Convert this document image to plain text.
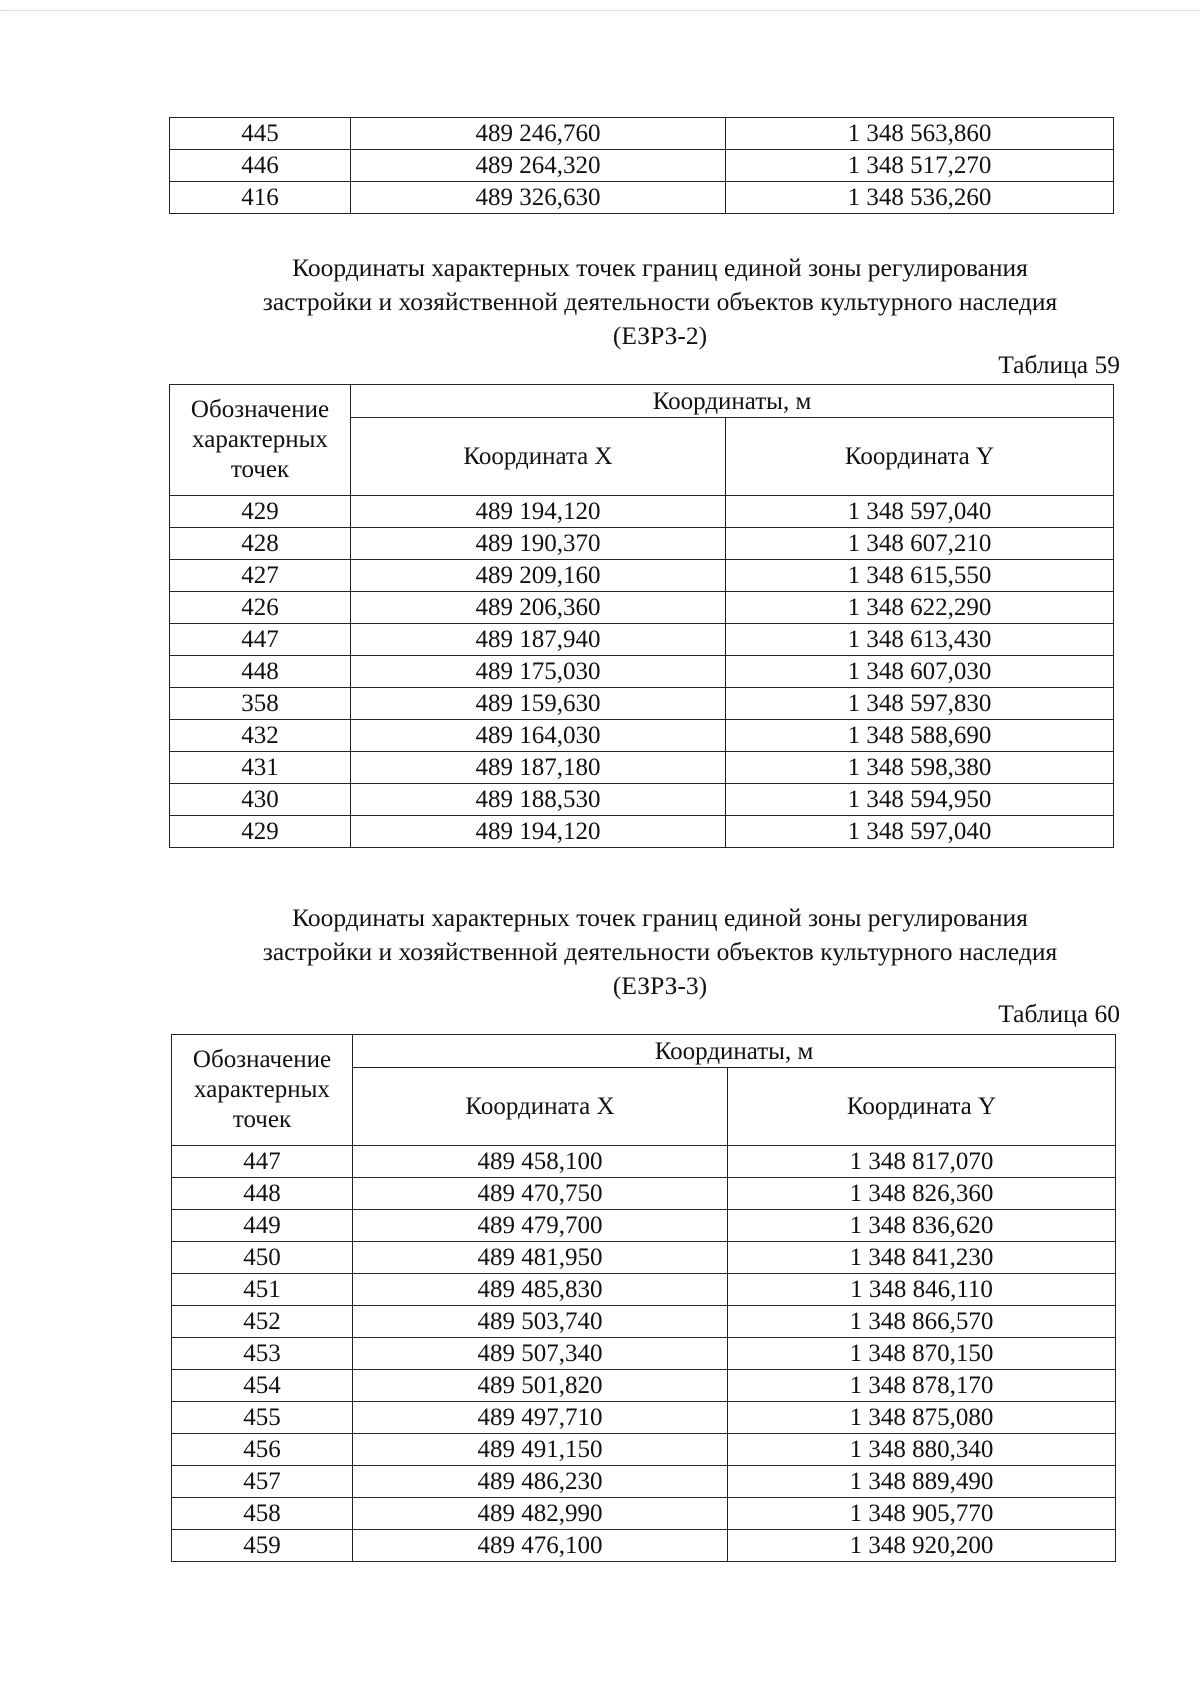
445	489 246,760	1 348 563,860
446	489 264,320	1 348 517,270
416	489 326,630	1 348 536,260
Координаты характерных точек границ единой зоны регулирования
застройки и хозяйственной деятельности объектов культурного наследия
(ЕЗРЗ-2)
Таблица 59
Обозначение характерных точек	Координаты, м	
	Координата X	Координата Y
429	489 194,120	1 348 597,040
428	489 190,370	1 348 607,210
427	489 209,160	1 348 615,550
426	489 206,360	1 348 622,290
447	489 187,940	1 348 613,430
448	489 175,030	1 348 607,030
358	489 159,630	1 348 597,830
432	489 164,030	1 348 588,690
431	489 187,180	1 348 598,380
430	489 188,530	1 348 594,950
429	489 194,120	1 348 597,040
Координаты характерных точек границ единой зоны регулирования
застройки и хозяйственной деятельности объектов культурного наследия
(ЕЗРЗ-3)
Таблица 60
Обозначение характерных точек	Координаты, м	
	Координата X	Координата Y
447	489 458,100	1 348 817,070
448	489 470,750	1 348 826,360
449	489 479,700	1 348 836,620
450	489 481,950	1 348 841,230
451	489 485,830	1 348 846,110
452	489 503,740	1 348 866,570
453	489 507,340	1 348 870,150
454	489 501,820	1 348 878,170
455	489 497,710	1 348 875,080
456	489 491,150	1 348 880,340
457	489 486,230	1 348 889,490
458	489 482,990	1 348 905,770
459	489 476,100	1 348 920,200
